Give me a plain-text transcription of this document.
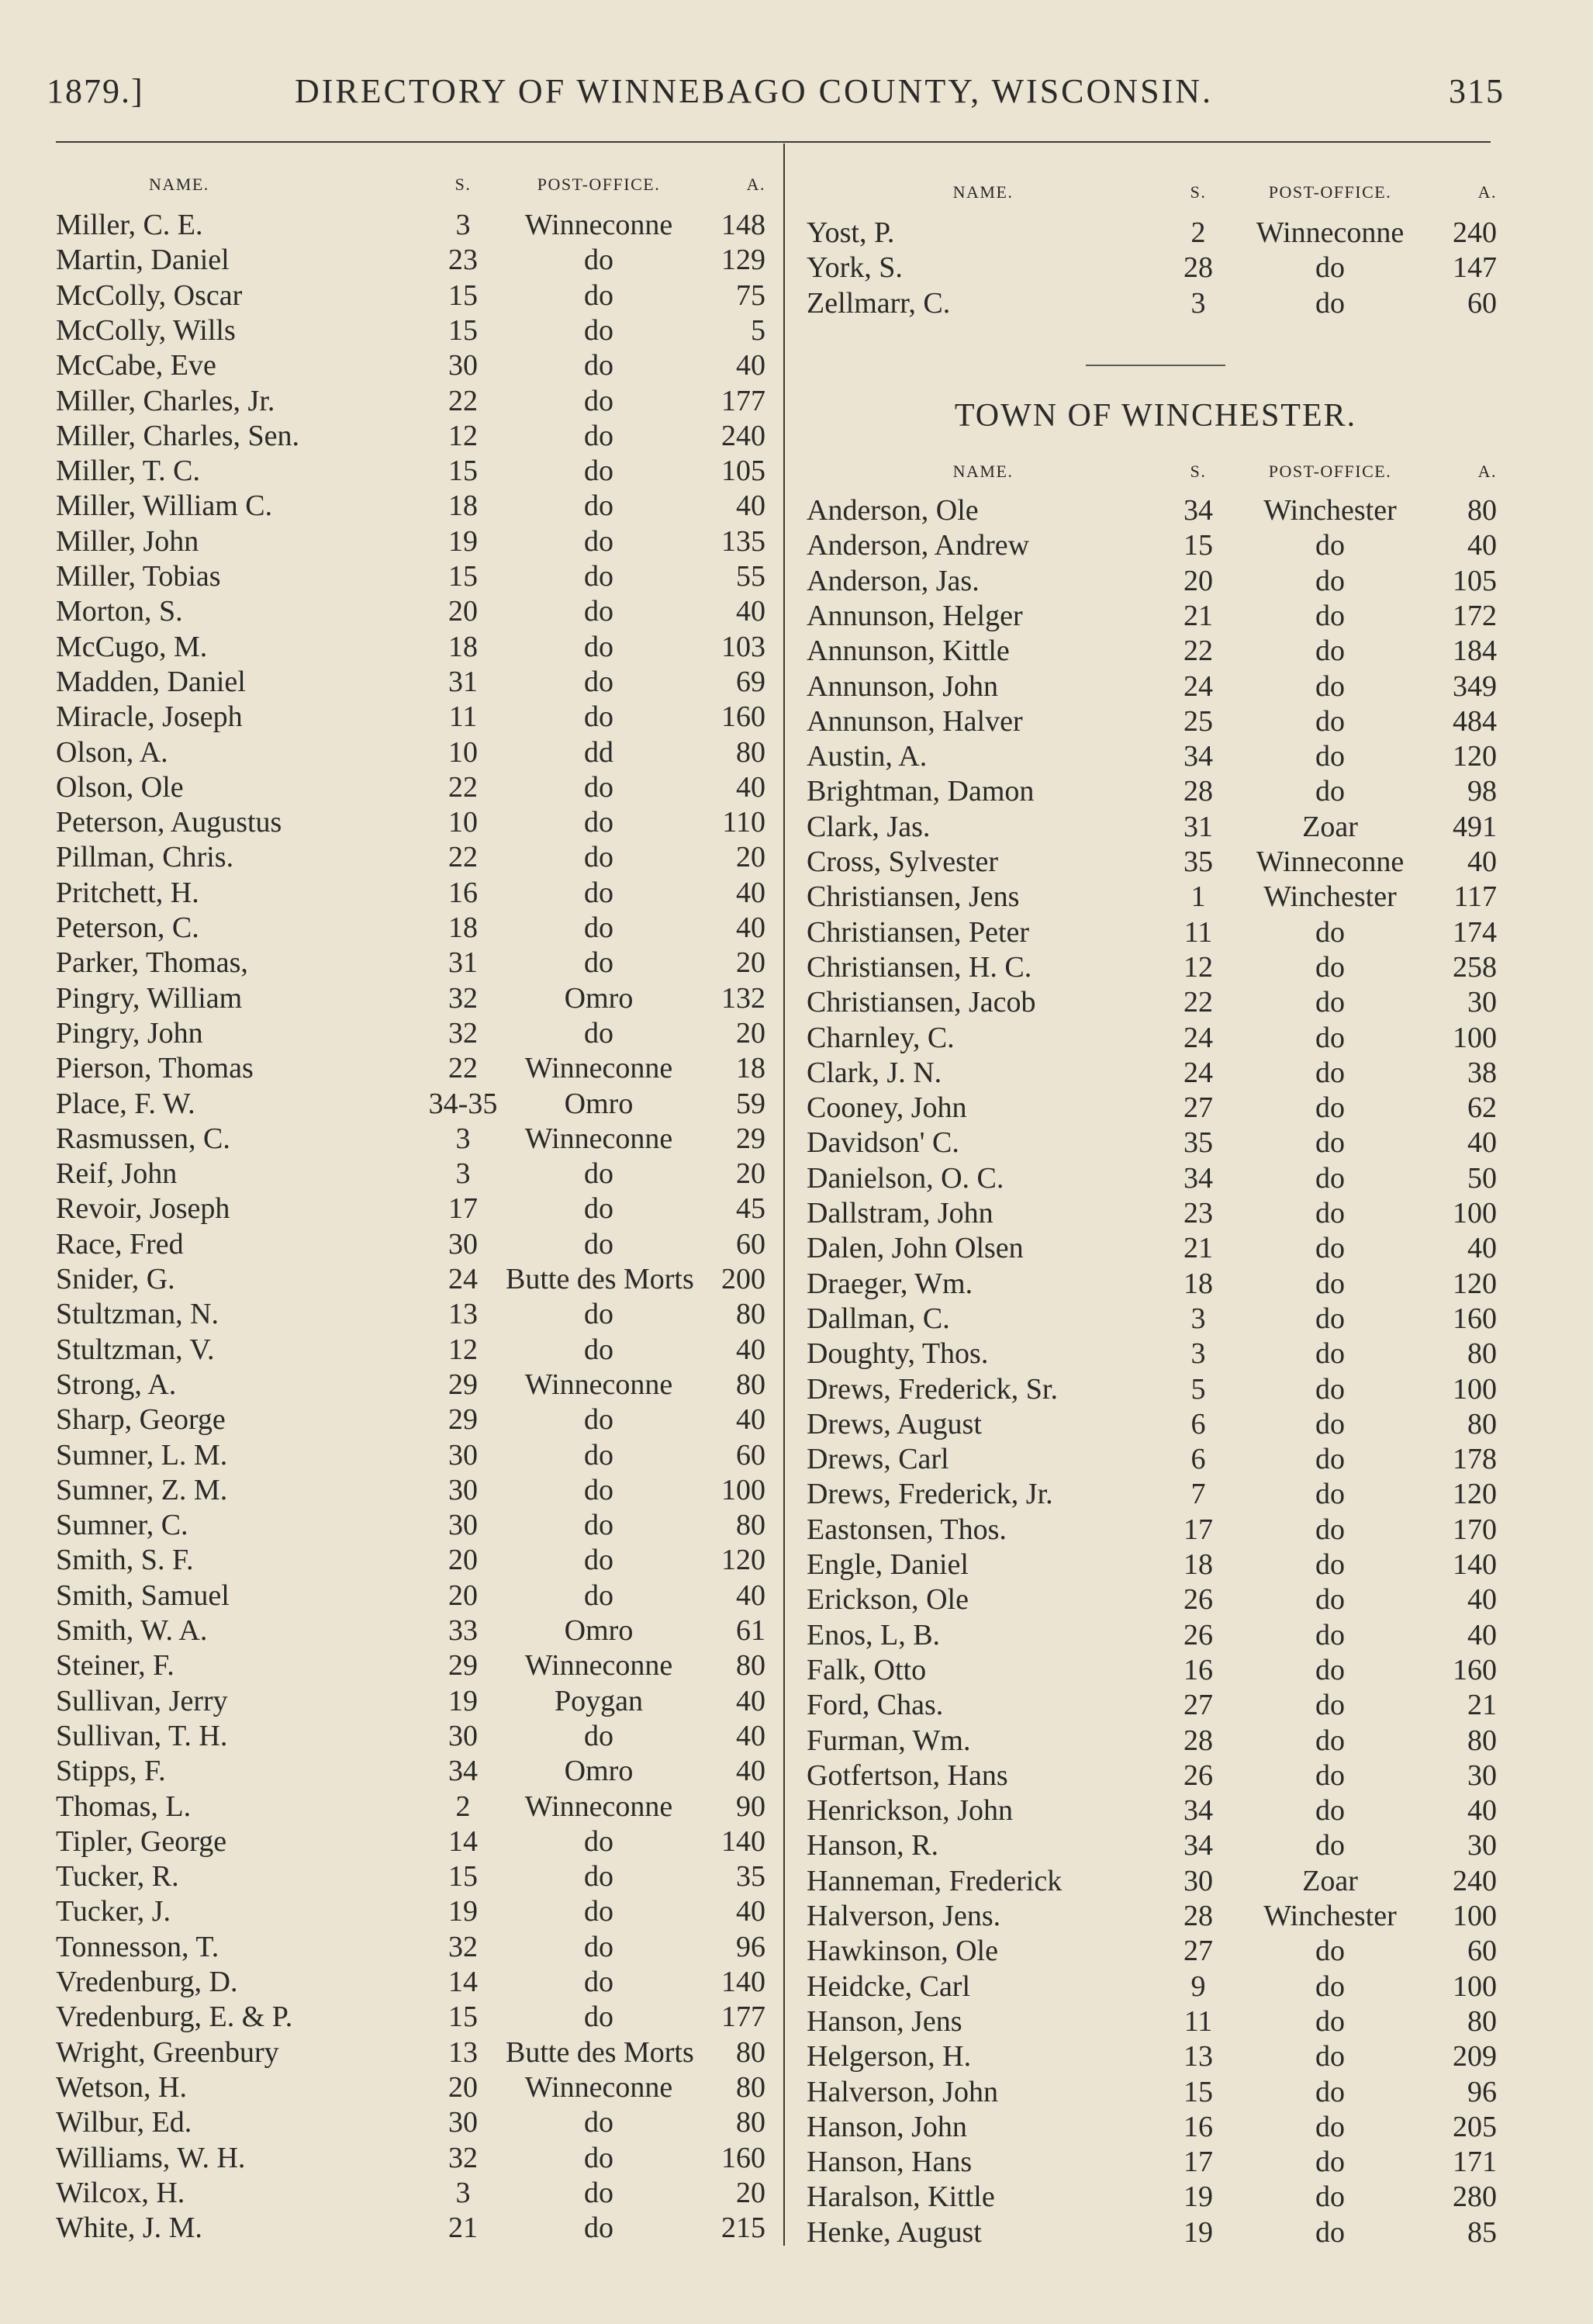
1879.]	DIRECTORY OF WINNEBAGO COUNTY, WISCONSIN.	315
NAME.	S.	POST-OFFICE.	A.
Miller, C. E.	3	Winneconne	148
Martin, Daniel	23	do	129
McColly, Oscar	15	do	75
McColly, Wills	15	do	5
McCabe, Eve	30	do	40
Miller, Charles, Jr.	22	do	177
Miller, Charles, Sen.	12	do	240
Miller, T. C.	15	do	105
Miller, William C.	18	do	40
Miller, John	19	do	135
Miller, Tobias	15	do	55
Morton, S.	20	do	40
McCugo, M.	18	do	103
Madden, Daniel	31	do	69
Miracle, Joseph	11	do	160
Olson, A.	10	dd	80
Olson, Ole	22	do	40
Peterson, Augustus	10	do	110
Pillman, Chris.	22	do	20
Pritchett, H.	16	do	40
Peterson, C.	18	do	40
Parker, Thomas,	31	do	20
Pingry, William	32	Omro	132
Pingry, John	32	do	20
Pierson, Thomas	22	Winneconne	18
Place, F. W.	34-35	Omro	59
Rasmussen, C.	3	Winneconne	29
Reif, John	3	do	20
Revoir, Joseph	17	do	45
Race, Fred	30	do	60
Snider, G.	24 Butte des Morts 200
Stultzman, N.	13	do	80
Stultzman, V.	12	do	40
Strong, A.	29	Winneconne	80
Sharp, George	29	do	40
Sumner, L. M.	30	do	60
Sumner, Z. M.	30	do	100
Sumner, C.	30	do	80
Smith, S. F.	20	do	120
Smith, Samuel	20	do	40
Smith, W. A.	33	Omro	61
Steiner, F.	29	Winneconne	80
Sullivan, Jerry	19	Poygan	40
Sullivan, T. H.	30	do	40
Stipps, F.	34	Omro	40
Thomas, L.	2	Winneconne	90
Tipler, George	14	do	140
Tucker, R.	15	do	35
Tucker, J.	19	do	40
Tonnesson, T.	32	do	96
Vredenburg, D.	14	do	140
Vredenburg, E. & P.	15	do	177
Wright, Greenbury	13 Butte des Morts	80
Wetson, H.	20	Winneconne	80
Wilbur, Ed.	30	do	80
Williams, W. H.	32	do	160
Wilcox, H.	3	do	20
White, J. M.	21	do	215
NAME.	S.	POST-OFFICE.	A.
Yost, P.	2	Winneconne	240
York, S.	28	do	147
Zellmarr, C.	3	do	60
TOWN OF WINCHESTER.
NAME.	S.	POST-OFFICE.	A.
Anderson, Ole	34	Winchester	80
Anderson, Andrew	15	do	40
Anderson, Jas.	20	do	105
Annunson, Helger	21	do	172
Annunson, Kittle	22	do	184
Annunson, John	24	do	349
Annunson, Halver	25	do	484
Austin, A.	34	do	120
Brightman, Damon	28	do	98
Clark, Jas.	31	Zoar	491
Cross, Sylvester	35	Winneconne	40
Christiansen, Jens	1	Winchester	117
Christiansen, Peter	11	do	174
Christiansen, H. C.	12	do	258
Christiansen, Jacob	22	do	30
Charnley, C.	24	do	100
Clark, J. N.	24	do	38
Cooney, John	27	do	62
Davidson' C.	35	do	40
Danielson, O. C.	34	do	50
Dallstram, John	23	do	100
Dalen, John Olsen	21	do	40
Draeger, Wm.	18	do	120
Dallman, C.	3	do	160
Doughty, Thos.	3	do	80
Drews, Frederick, Sr.	5	do	100
Drews, August	6	do	80
Drews, Carl	6	do	178
Drews, Frederick, Jr.	7	do	120
Eastonsen, Thos.	17	do	170
Engle, Daniel	18	do	140
Erickson, Ole	26	do	40
Enos, L, B.	26	do	40
Falk, Otto	16	do	160
Ford, Chas.	27	do	21
Furman, Wm.	28	do	80
Gotfertson, Hans	26	do	30
Henrickson, John	34	do	40
Hanson, R.	34	do	30
Hanneman, Frederick	30	Zoar	240
Halverson, Jens.	28	Winchester	100
Hawkinson, Ole	27	do	60
Heidcke, Carl	9	do	100
Hanson, Jens	11	do	80
Helgerson, H.	13	do	209
Halverson, John	15	do	96
Hanson, John	16	do	205
Hanson, Hans	17	do	171
Haralson, Kittle	19	do	280
Henke, August	19	do	85
